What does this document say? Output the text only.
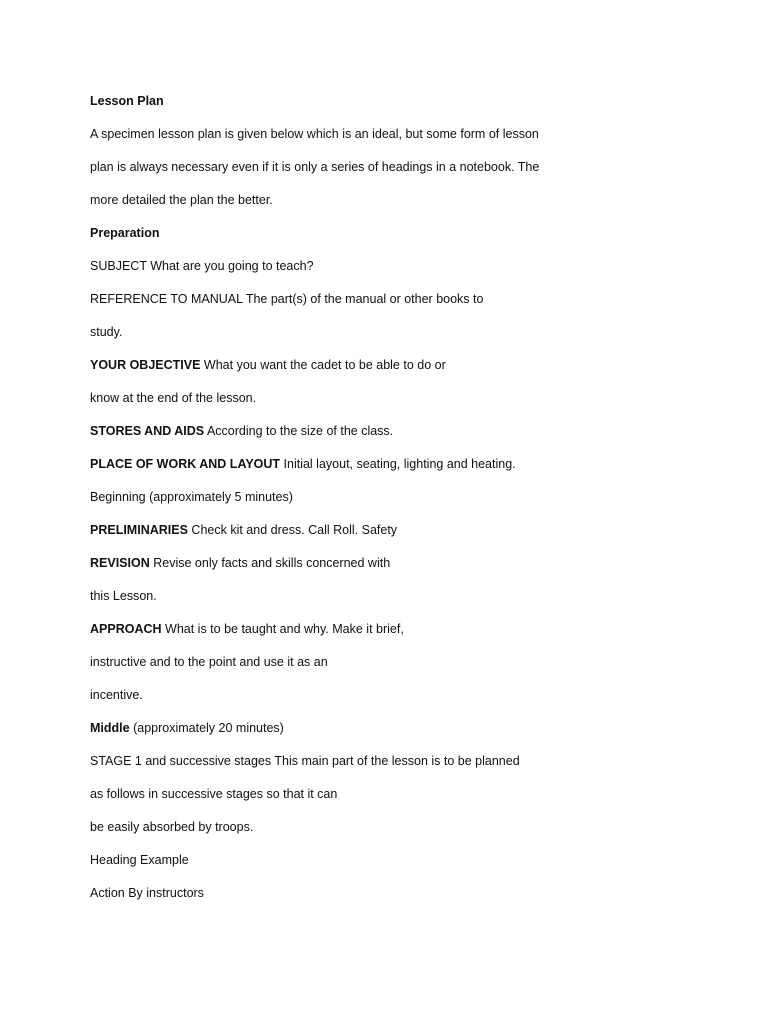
Lesson Plan
A specimen lesson plan is given below which is an ideal, but some form of lesson
plan is always necessary even if it is only a series of headings in a notebook. The
more detailed the plan the better.
Preparation
SUBJECT What are you going to teach?
REFERENCE TO MANUAL The part(s) of the manual or other books to
study.
YOUR OBJECTIVE What you want the cadet to be able to do or
know at the end of the lesson.
STORES AND AIDS According to the size of the class.
PLACE OF WORK AND LAYOUT Initial layout, seating, lighting and heating.
Beginning (approximately 5 minutes)
PRELIMINARIES Check kit and dress. Call Roll. Safety
REVISION Revise only facts and skills concerned with
this Lesson.
APPROACH What is to be taught and why. Make it brief,
instructive and to the point and use it as an
incentive.
Middle (approximately 20 minutes)
STAGE 1 and successive stages This main part of the lesson is to be planned
as follows in successive stages so that it can
be easily absorbed by troops.
Heading Example
Action By instructors
